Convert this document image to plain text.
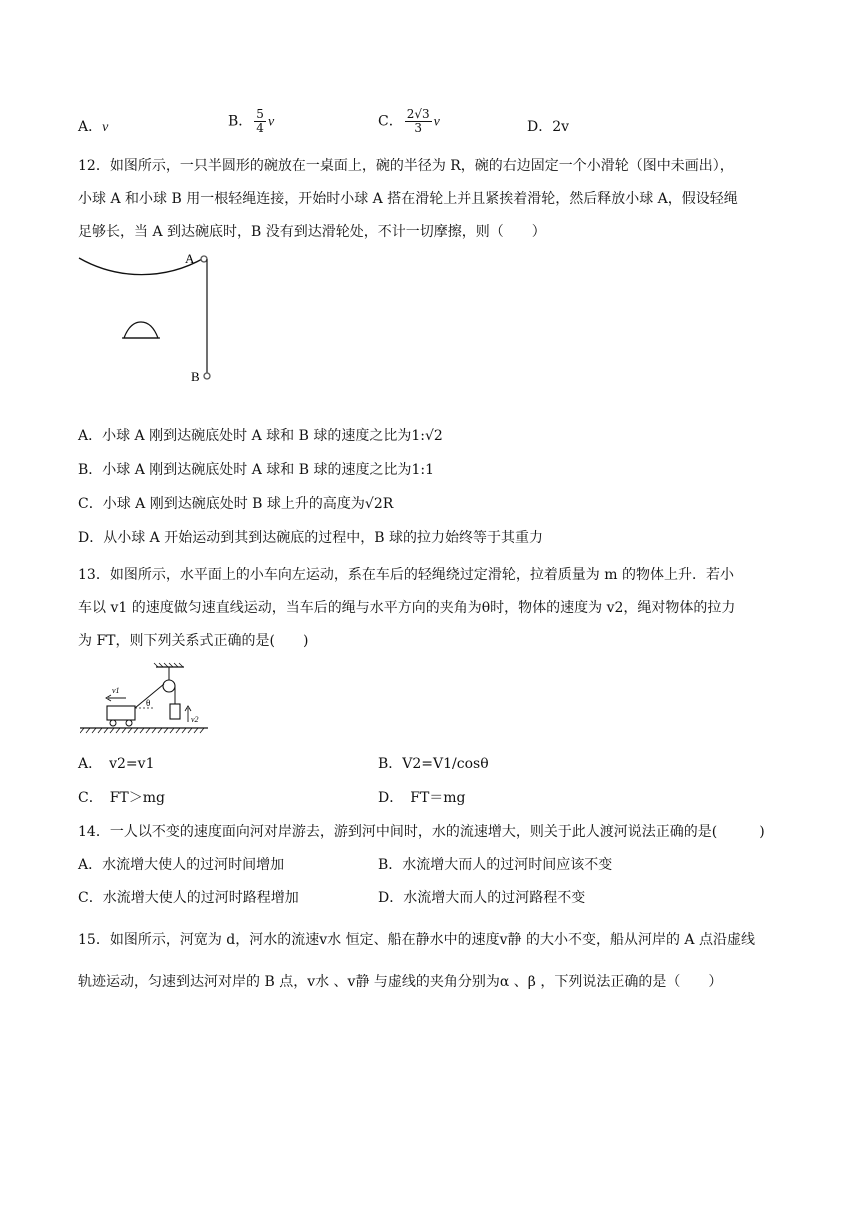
A．v	B． $\frac{5}{4}$ v	C． $\frac{2√3}{3}$ v	D．2v
12．如图所示，一只半圆形的碗放在一桌面上，碗的半径为 R，碗的右边固定一个小滑轮（图中未画出），
小球 A 和小球 B 用一根轻绳连接，开始时小球 A 搭在滑轮上并且紧挨着滑轮，然后释放小球 A，假设轻绳
足够长，当 A 到达碗底时，B 没有到达滑轮处，不计一切摩擦，则（　　）
A
B
A．小球 A 刚到达碗底处时 A 球和 B 球的速度之比为1:√2
B．小球 A 刚到达碗底处时 A 球和 B 球的速度之比为1:1
C．小球 A 刚到达碗底处时 B 球上升的高度为√2R
D．从小球 A 开始运动到其到达碗底的过程中，B 球的拉力始终等于其重力
13．如图所示，水平面上的小车向左运动，系在车后的轻绳绕过定滑轮，拉着质量为 m 的物体上升．若小
车以 v1 的速度做匀速直线运动，当车后的绳与水平方向的夹角为θ时，物体的速度为 v2，绳对物体的拉力
为 FT，则下列关系式正确的是(　　)
v2
θ
v1
A．　v2=v1	B．V2=V1/cosθ
C．　FT＞mg	D．　FT＝mg
14．一人以不变的速度面向河对岸游去，游到河中间时，水的流速增大，则关于此人渡河说法正确的是(　　　)
A．水流增大使人的过河时间增加	B．水流增大而人的过河时间应该不变
C．水流增大使人的过河时路程增加	D．水流增大而人的过河路程不变
15．如图所示，河宽为 d，河水的流速v水 恒定、船在静水中的速度v静 的大小不变，船从河岸的 A 点沿虚线
轨迹运动，匀速到达河对岸的 B 点，v水 、v静 与虚线的夹角分别为α 、β ，下列说法正确的是（　　）
